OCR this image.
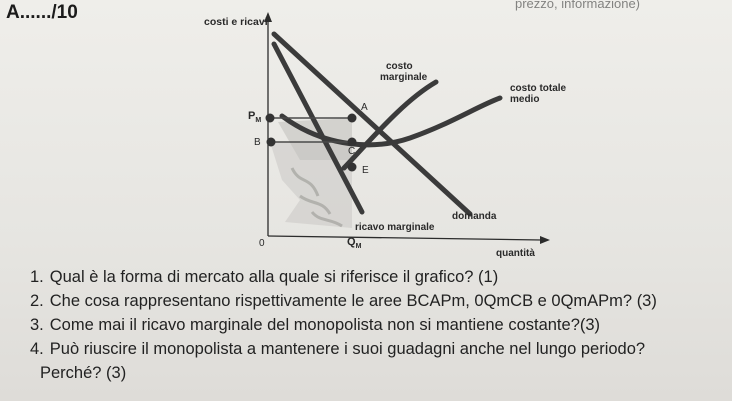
A....../10	prezzo, informazione)
costi e ricavi
quantità
0	$Q_M$
$P_M$
B
A
C
E
costo
marginale
costo totale
medio
domanda
ricavo marginale
1. Qual è la forma di mercato alla quale si riferisce il grafico? (1)
2. Che cosa rappresentano rispettivamente le aree BCAPm, 0QmCB e 0QmAPm? (3)
3. Come mai il ricavo marginale del monopolista non si mantiene costante?(3)
4. Può riuscire il monopolista a mantenere i suoi guadagni anche nel lungo periodo?
Perché? (3)
